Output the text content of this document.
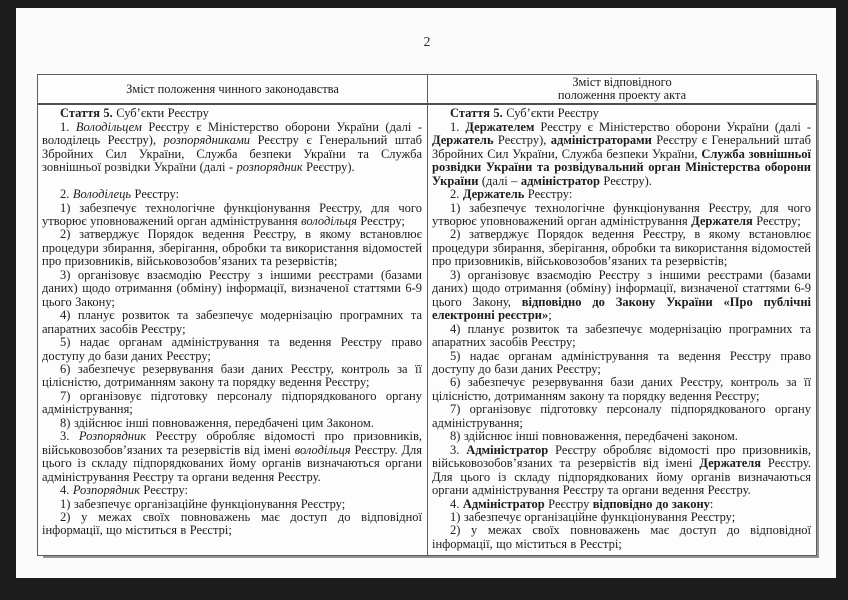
2
Зміст положення чинного законодавства	Зміст відповідного
положення проекту акта

Стаття 5. Суб’єкти Реєстру

1. Володільцем Реєстру є Міністерство оборони України (далі - володілець Реєстру), розпорядниками Реєстру є Генеральний штаб Збройних Сил України, Служба безпеки України та Служба зовнішньої розвідки України (далі - розпорядник Реєстру).

2. Володілець Реєстру:

1) забезпечує технологічне функціонування Реєстру, для чого утворює уповноважений орган адміністрування володільця Реєстру;

2) затверджує Порядок ведення Реєстру, в якому встановлює процедури збирання, зберігання, обробки та використання відомостей про призовників, військовозобов’язаних та резервістів;

3) організовує взаємодію Реєстру з іншими реєстрами (базами даних) щодо отримання (обміну) інформації, визначеної статтями 6-9 цього Закону;

4) планує розвиток та забезпечує модернізацію програмних та апаратних засобів Реєстру;

5) надає органам адміністрування та ведення Реєстру право доступу до бази даних Реєстру;

6) забезпечує резервування бази даних Реєстру, контроль за її цілісністю, дотриманням закону та порядку ведення Реєстру;

7) організовує підготовку персоналу підпорядкованого органу адміністрування;

8) здійснює інші повноваження, передбачені цим Законом.

3. Розпорядник Реєстру обробляє відомості про призовників, військовозобов’язаних та резервістів від імені володільця Реєстру. Для цього із складу підпорядкованих йому органів визначаються органи адміністрування Реєстру та органи ведення Реєстру.

4. Розпорядник Реєстру:

1) забезпечує організаційне функціонування Реєстру;

2) у межах своїх повноважень має доступ до відповідної інформації, що міститься в Реєстрі;

Стаття 5. Суб’єкти Реєстру

1. Держателем Реєстру є Міністерство оборони України (далі - Держатель Реєстру), адміністраторами Реєстру є Генеральний штаб Збройних Сил України, Служба безпеки України, Служба зовнішньої розвідки України та розвідувальний орган Міністерства оборони України (далі – адміністратор Реєстру).

2. Держатель Реєстру:

1) забезпечує технологічне функціонування Реєстру, для чого утворює уповноважений орган адміністрування Держателя Реєстру;

2) затверджує Порядок ведення Реєстру, в якому встановлює процедури збирання, зберігання, обробки та використання відомостей про призовників, військовозобов’язаних та резервістів;

3) організовує взаємодію Реєстру з іншими реєстрами (базами даних) щодо отримання (обміну) інформації, визначеної статтями 6-9 цього Закону, відповідно до Закону України «Про публічні електронні реєстри»;

4) планує розвиток та забезпечує модернізацію програмних та апаратних засобів Реєстру;

5) надає органам адміністрування та ведення Реєстру право доступу до бази даних Реєстру;

6) забезпечує резервування бази даних Реєстру, контроль за її цілісністю, дотриманням закону та порядку ведення Реєстру;

7) організовує підготовку персоналу підпорядкованого органу адміністрування;

8) здійснює інші повноваження, передбачені законом.

3. Адміністратор Реєстру обробляє відомості про призовників, військовозобов’язаних та резервістів від імені Держателя Реєстру. Для цього із складу підпорядкованих йому органів визначаються органи адміністрування Реєстру та органи ведення Реєстру.

4. Адміністратор Реєстру відповідно до закону:

1) забезпечує організаційне функціонування Реєстру;

2) у межах своїх повноважень має доступ до відповідної інформації, що міститься в Реєстрі;
